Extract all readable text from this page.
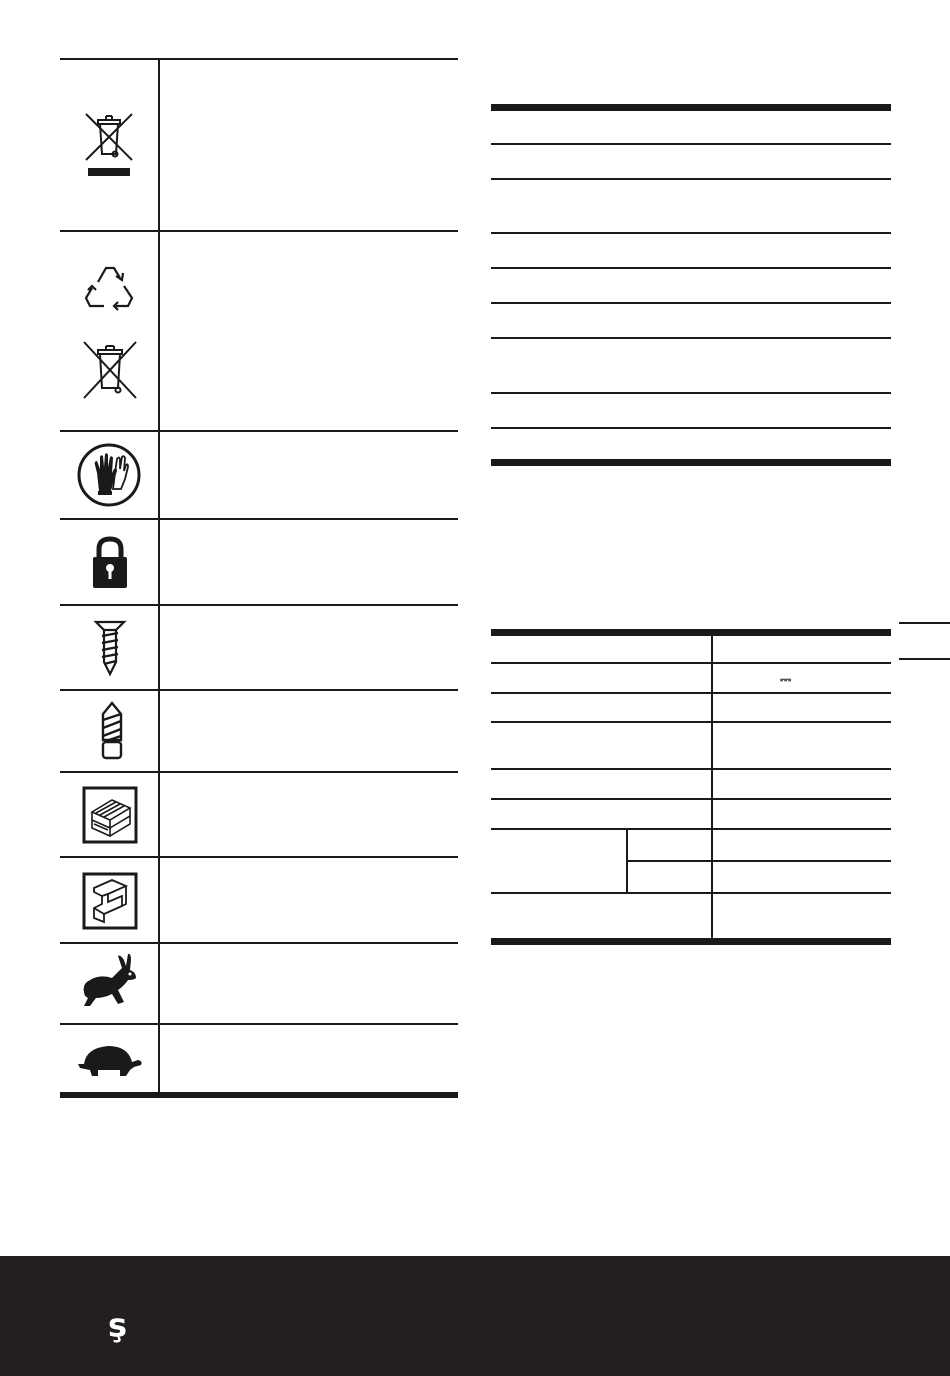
⎓
ş
